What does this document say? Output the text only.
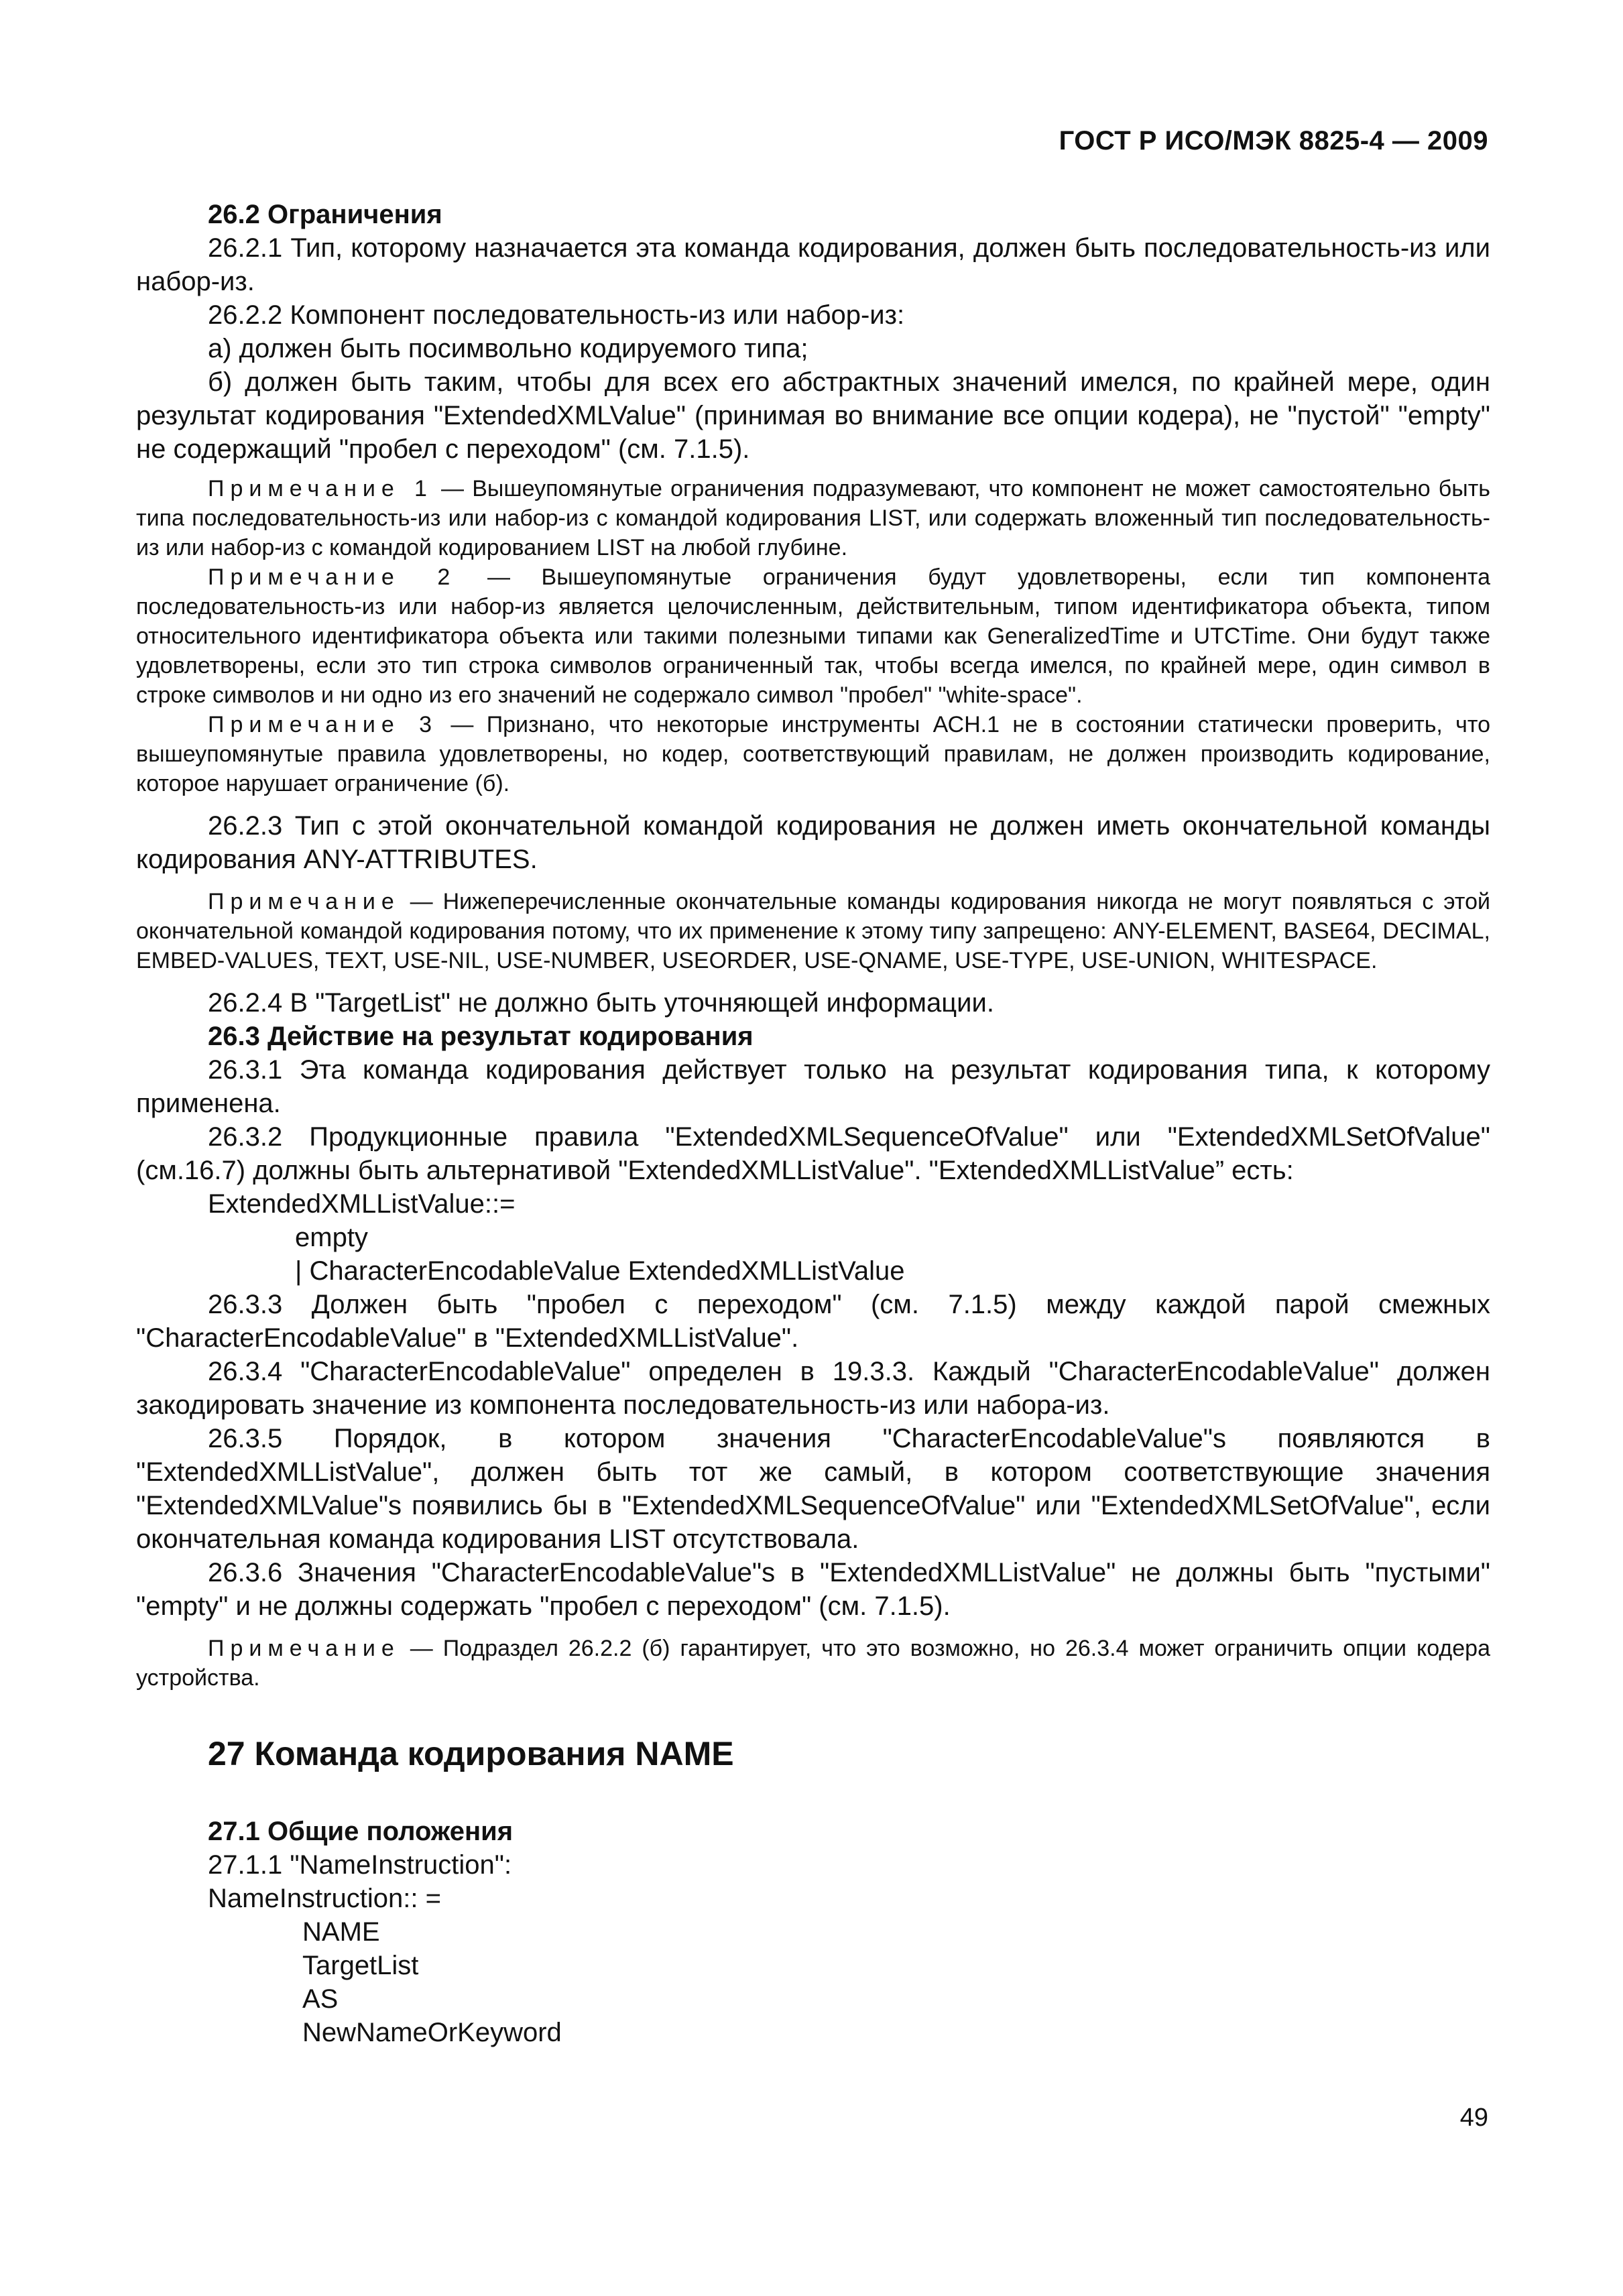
ГОСТ Р ИСО/МЭК 8825-4 — 2009

26.2 Ограничения

26.2.1 Тип, которому назначается эта команда кодирования, должен быть последовательность-из или набор-из.

26.2.2 Компонент последовательность-из или набор-из:

а) должен быть посимвольно кодируемого типа;

б) должен быть таким, чтобы для всех его абстрактных значений имелся, по крайней мере, один результат кодирования "ExtendedXMLValue" (принимая во внимание все опции кодера), не "пустой" "empty" не содержащий "пробел с переходом" (см. 7.1.5).

Примечание 1 — Вышеупомянутые ограничения подразумевают, что компонент не может самостоятельно быть типа последовательность-из или набор-из с командой кодирования LIST, или содержать вложенный тип последовательность-из или набор-из с командой кодированием LIST на любой глубине.

Примечание 2 — Вышеупомянутые ограничения будут удовлетворены, если тип компонента последовательность-из или набор-из является целочисленным, действительным, типом идентификатора объекта, типом относительного идентификатора объекта или такими полезными типами как GeneralizedTime и UTCTime. Они будут также удовлетворены, если это тип строка символов ограниченный так, чтобы всегда имелся, по крайней мере, один символ в строке символов и ни одно из его значений не содержало символ "пробел" "white-space".

Примечание 3 — Признано, что некоторые инструменты АСН.1 не в состоянии статически проверить, что вышеупомянутые правила удовлетворены, но кодер, соответствующий правилам, не должен производить кодирование, которое нарушает ограничение (б).

26.2.3 Тип с этой окончательной командой кодирования не должен иметь окончательной команды кодирования ANY-ATTRIBUTES.

Примечание — Нижеперечисленные окончательные команды кодирования никогда не могут появляться с этой окончательной командой кодирования потому, что их применение к этому типу запрещено: ANY-ELEMENT, BASE64, DECIMAL, EMBED-VALUES, TEXT, USE-NIL, USE-NUMBER, USEORDER, USE-QNAME, USE-TYPE, USE-UNION, WHITESPACE.

26.2.4 В "TargetList" не должно быть уточняющей информации.

26.3 Действие на результат кодирования

26.3.1 Эта команда кодирования действует только на результат кодирования типа, к которому применена.

26.3.2 Продукционные правила "ExtendedXMLSequenceOfValue" или "ExtendedXMLSetOfValue" (см.16.7) должны быть альтернативой "ExtendedXMLListValue". "ExtendedXMLListValue” есть:

ExtendedXMLListValue::=

empty

| CharacterEncodableValue ExtendedXMLListValue

26.3.3 Должен быть "пробел с переходом" (см. 7.1.5) между каждой парой смежных "CharacterEncodableValue" в "ExtendedXMLListValue".

26.3.4 "CharacterEncodableValue" определен в 19.3.3. Каждый "CharacterEncodableValue" должен закодировать значение из компонента последовательность-из или набора-из.

26.3.5 Порядок, в котором значения "CharacterEncodableValue"s появляются в "ExtendedXMLListValue", должен быть тот же самый, в котором соответствующие значения "ExtendedXMLValue"s появились бы в "ExtendedXMLSequenceOfValue" или "ExtendedXMLSetOfValue", если окончательная команда кодирования LIST отсутствовала.

26.3.6 Значения "CharacterEncodableValue"s в "ExtendedXMLListValue" не должны быть "пустыми" "empty" и не должны содержать "пробел с переходом" (см. 7.1.5).

Примечание — Подраздел 26.2.2 (б) гарантирует, что это возможно, но 26.3.4 может ограничить опции кодера устройства.

27 Команда кодирования NAME

27.1 Общие положения

27.1.1 "NameInstruction":

NameInstruction:: =

NAME

TargetList

AS

NewNameOrKeyword

49
